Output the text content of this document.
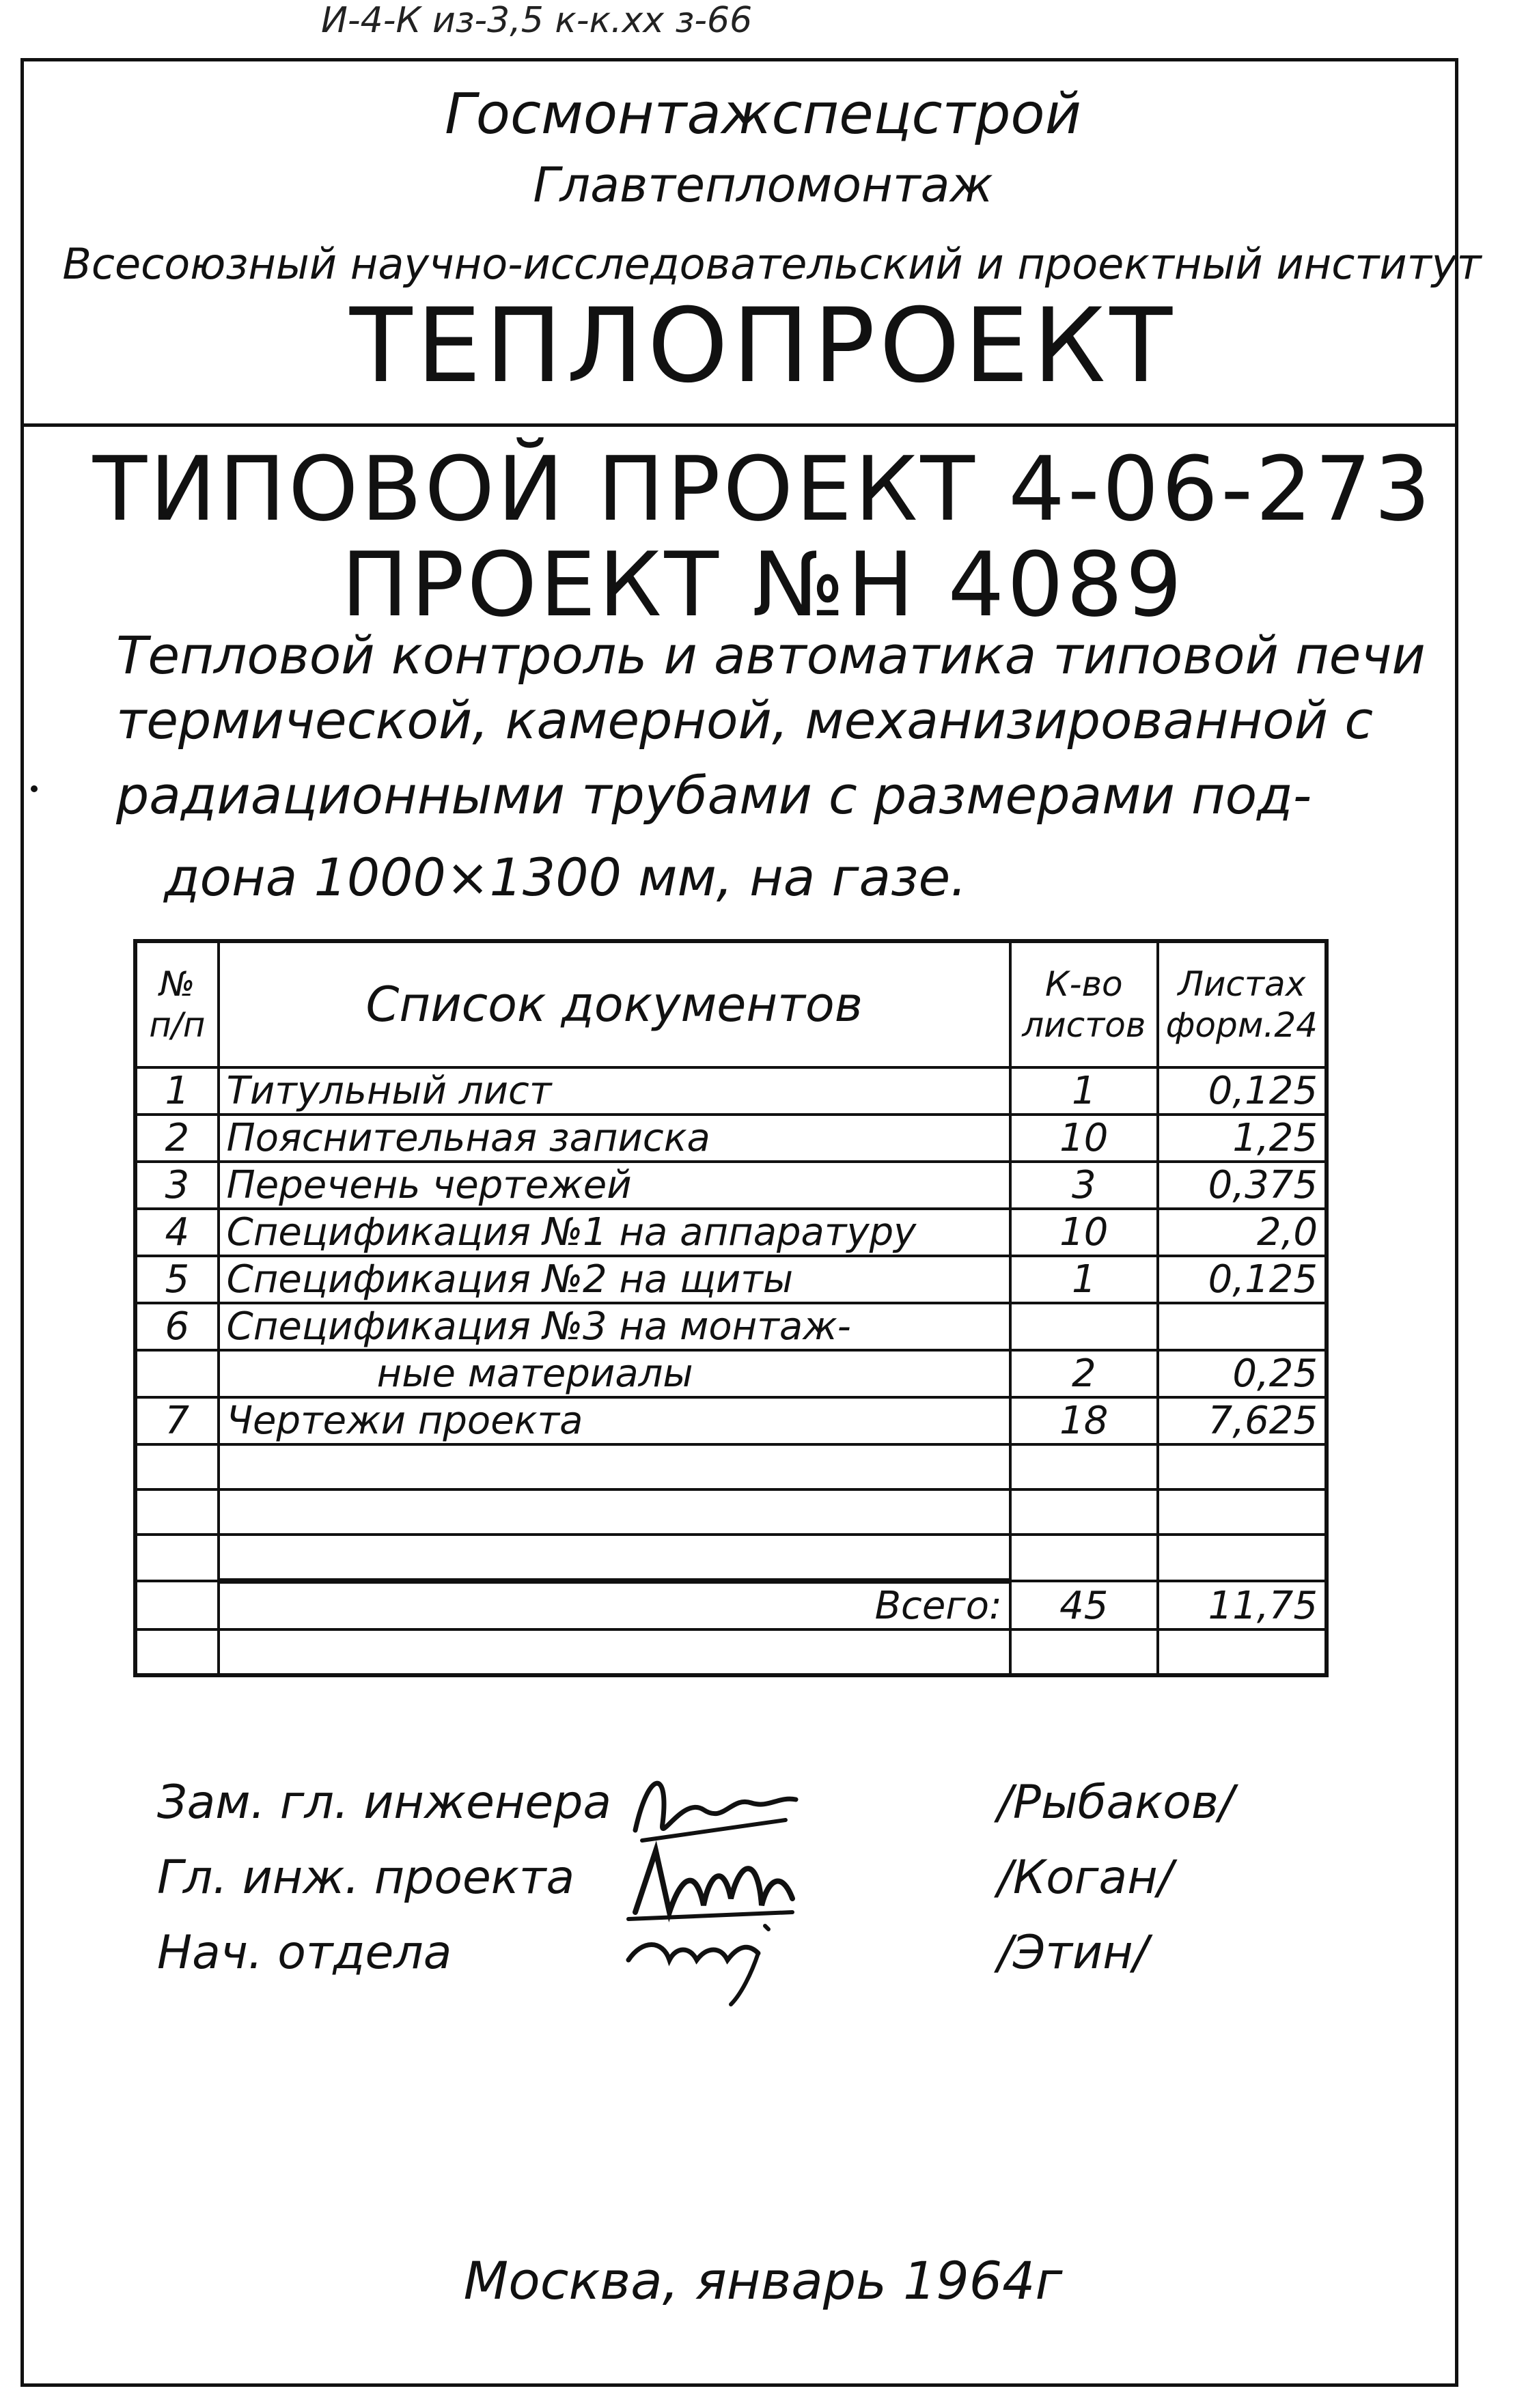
И-4-К из-3,5 к-к.хх з-66
Госмонтажспецстрой
Главтепломонтаж
Всесоюзный научно-исследовательский и проектный институт
ТЕПЛОПРОЕКТ
ТИПОВОЙ ПРОЕКТ 4-06-273
ПРОЕКТ №Н 4089
Тепловой контроль и автоматика типовой печи
термической, камерной, механизированной с
радиационными трубами с размерами под-
дона 1000×1300 мм, на газе.
№ п/п	Список документов	К-во листов	Листах форм.24
1	Титульный лист	1	0,125
2	Пояснительная записка	10	1,25
3	Перечень чертежей	3	0,375
4	Спецификация №1 на аппаратуру	10	2,0
5	Спецификация №2 на щиты	1	0,125
6	Спецификация №3 на монтаж-		
	ные материалы	2	0,25
7	Чертежи проекта	18	7,625

	Всего:	45	11,75

Зам. гл. инженера	/Рыбаков/
Гл. инж. проекта	/Коган/
Нач. отдела	/Этин/
Москва, январь 1964г
